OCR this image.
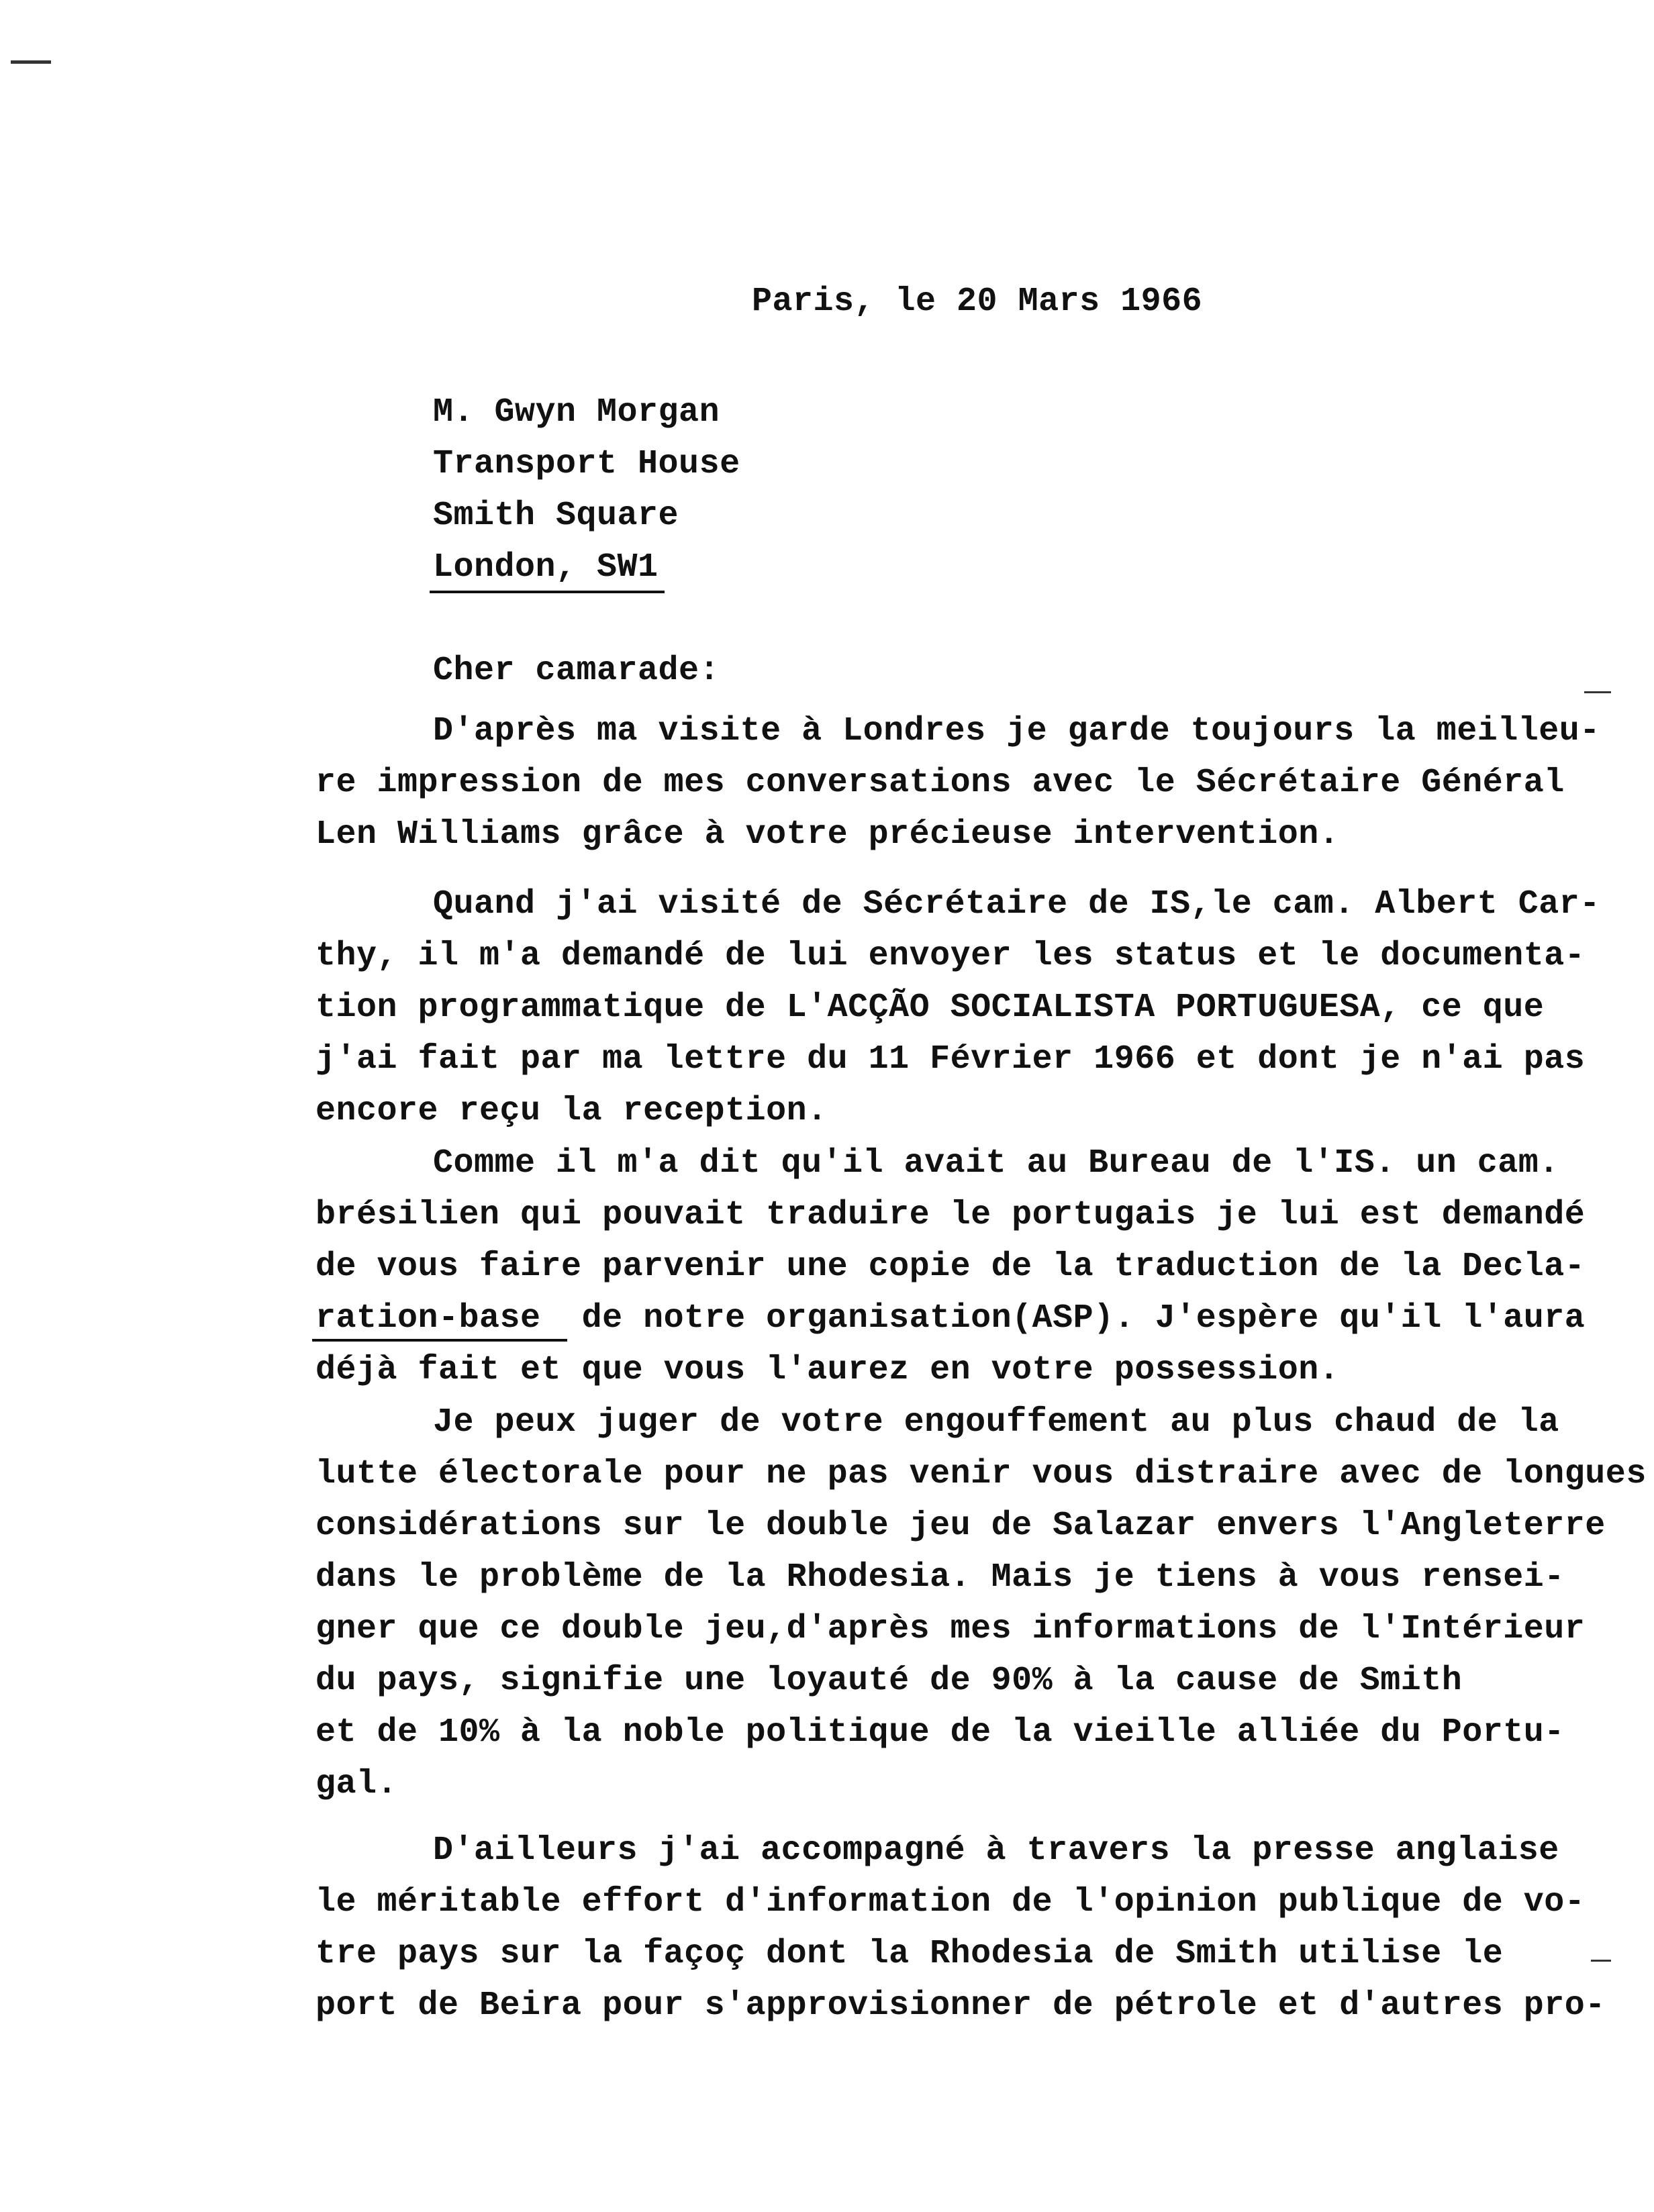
Paris, le 20 Mars 1966
M. Gwyn Morgan
Transport House
Smith Square
London, SW1
Cher camarade:
D'après ma visite à Londres je garde toujours la meilleu-
re impression de mes conversations avec le Sécrétaire Général
Len Williams grâce à votre précieuse intervention.
Quand j'ai visité de Sécrétaire de IS,le cam. Albert Car-
thy, il m'a demandé de lui envoyer les status et le documenta-
tion programmatique de L'ACÇÃO SOCIALISTA PORTUGUESA, ce que
j'ai fait par ma lettre du 11 Février 1966 et dont je n'ai pas
encore reçu la reception.
Comme il m'a dit qu'il avait au Bureau de l'IS. un cam.
brésilien qui pouvait traduire le portugais je lui est demandé
de vous faire parvenir une copie de la traduction de la Decla-
ration-base  de notre organisation(ASP). J'espère qu'il l'aura
déjà fait et que vous l'aurez en votre possession.
Je peux juger de votre engouffement au plus chaud de la
lutte électorale pour ne pas venir vous distraire avec de longues
considérations sur le double jeu de Salazar envers l'Angleterre
dans le problème de la Rhodesia. Mais je tiens à vous rensei-
gner que ce double jeu,d'après mes informations de l'Intérieur
du pays, signifie une loyauté de 90% à la cause de Smith
et de 10% à la noble politique de la vieille alliée du Portu-
gal.
D'ailleurs j'ai accompagné à travers la presse anglaise
le méritable effort d'information de l'opinion publique de vo-
tre pays sur la façoç dont la Rhodesia de Smith utilise le
port de Beira pour s'approvisionner de pétrole et d'autres pro-
